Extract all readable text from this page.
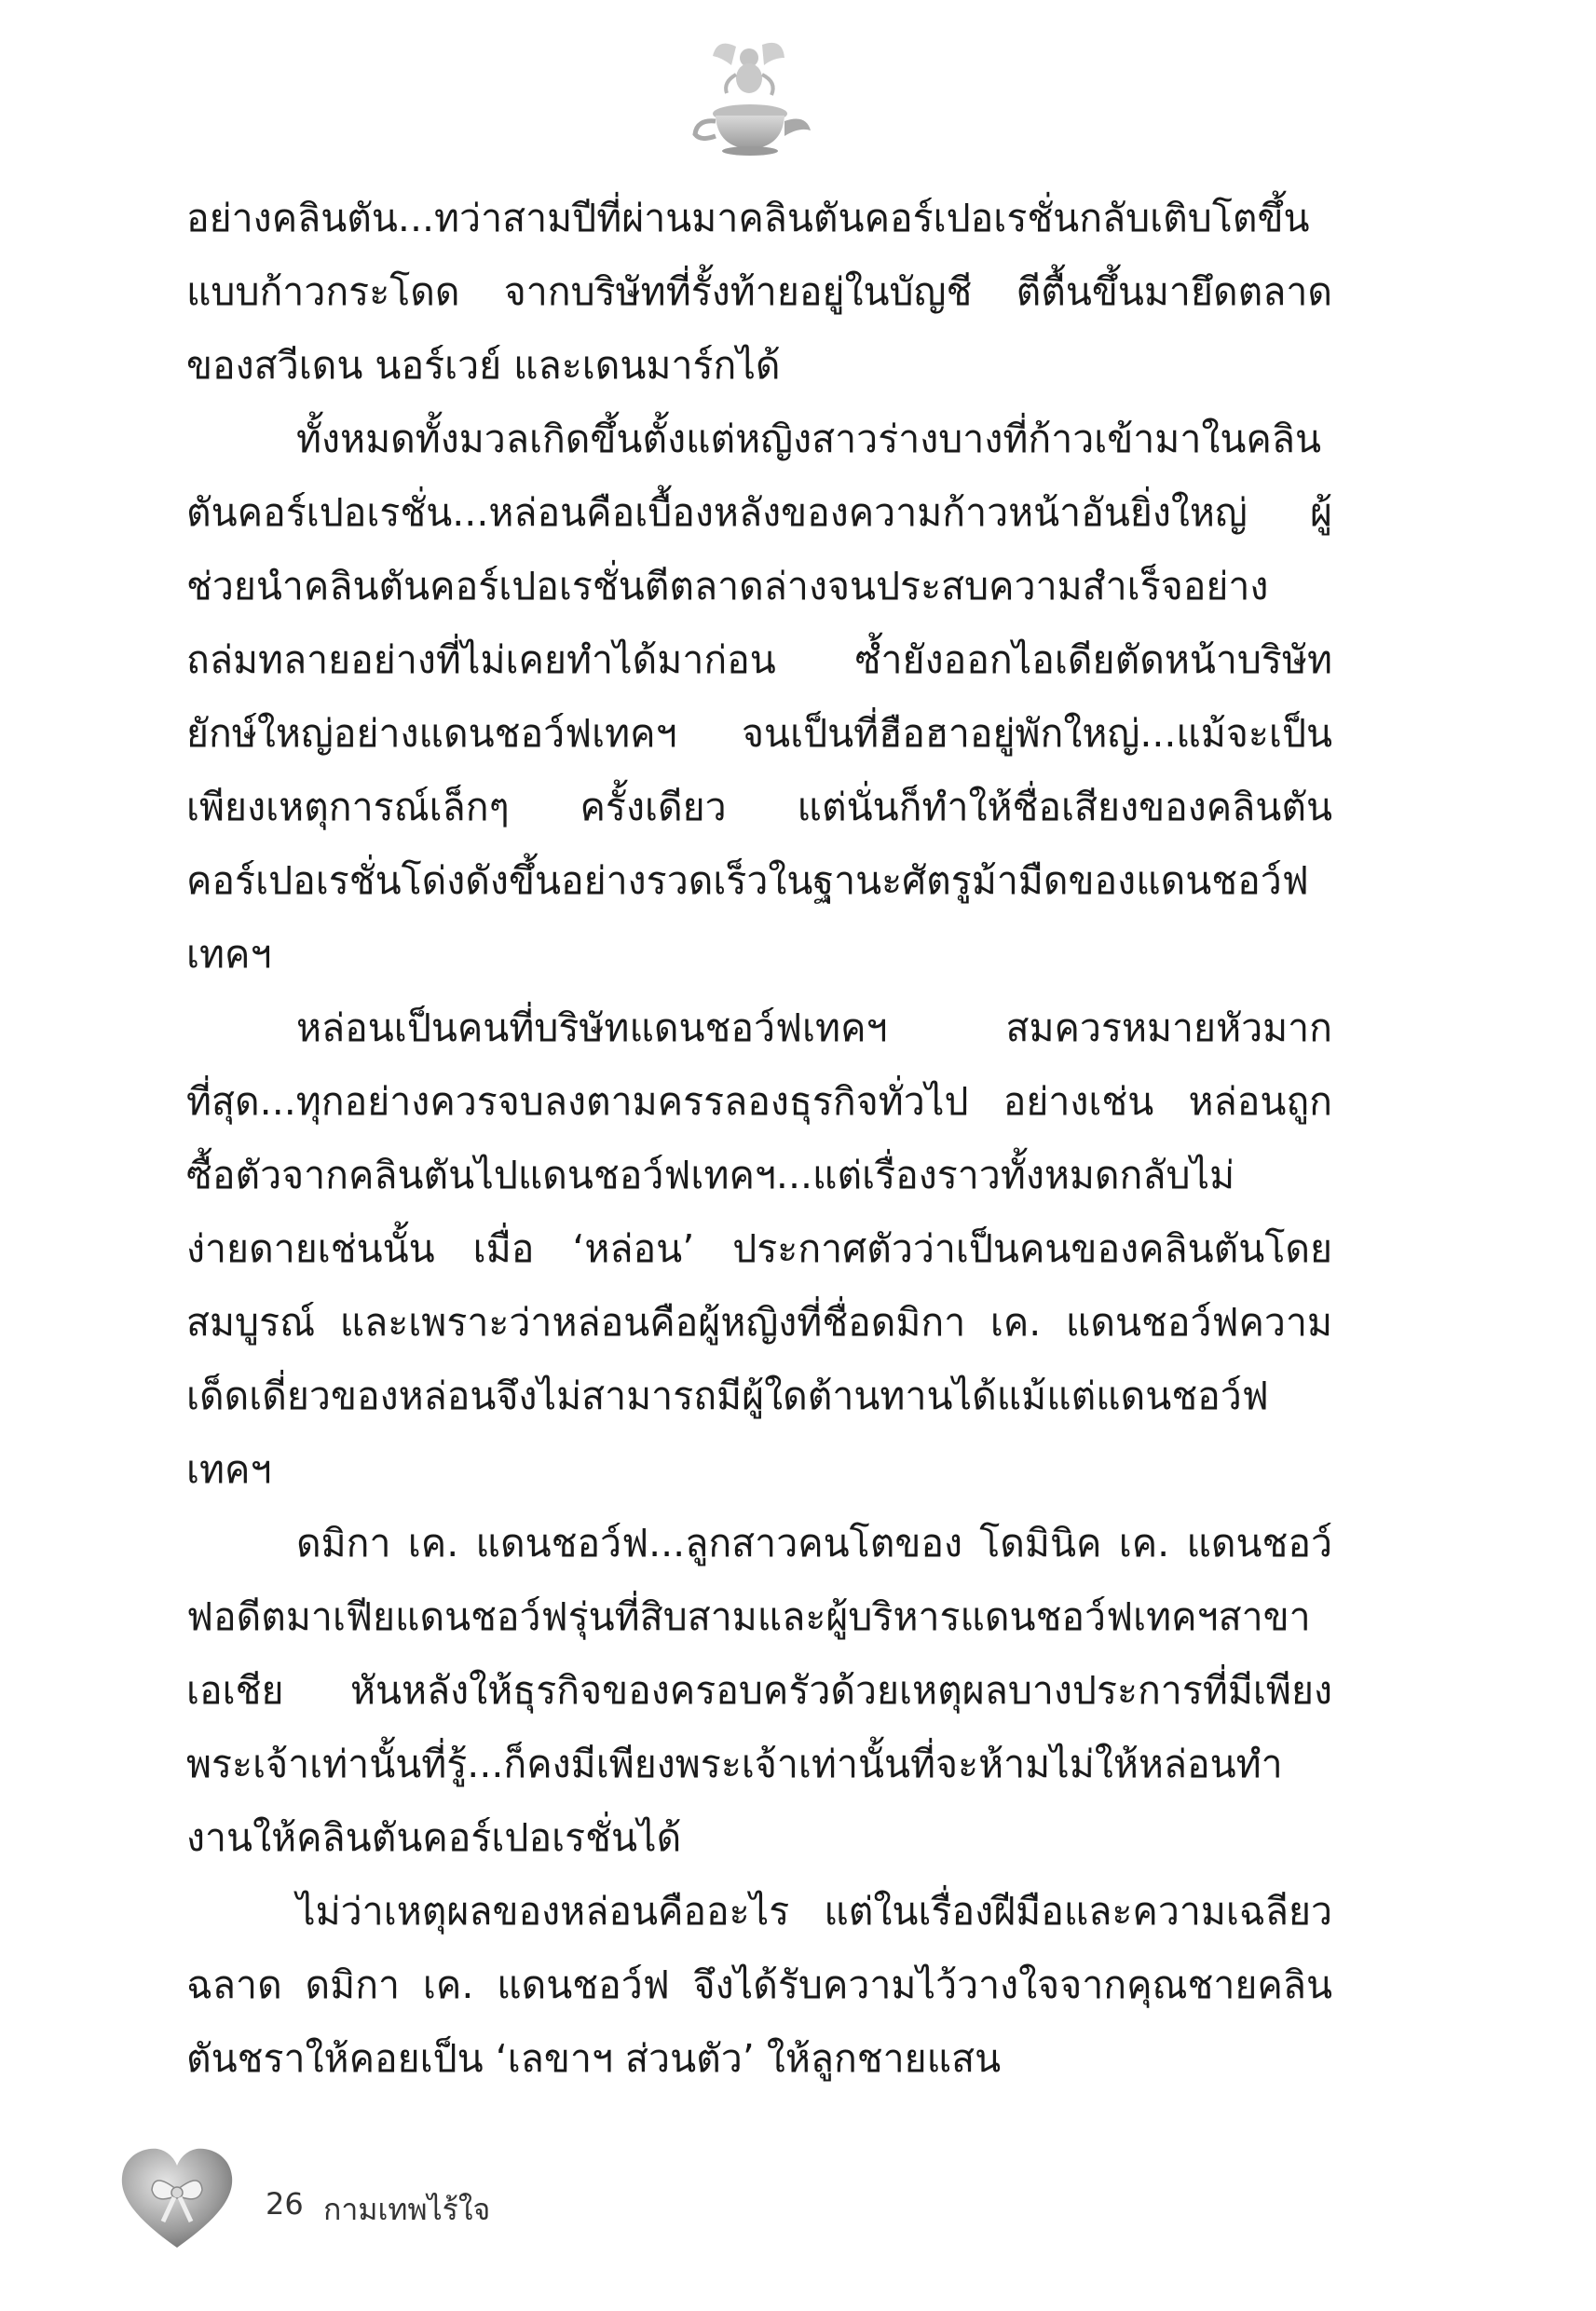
อย่างคลินตัน...ทว่าสามปีที่ผ่านมาคลินตันคอร์เปอเรชั่นกลับเติบโตขึ้นแบบก้าวกระโดด จากบริษัทที่รั้งท้ายอยู่ในบัญชี ตีตื้นขึ้นมายึดตลาดของสวีเดน นอร์เวย์ และเดนมาร์กได้

ทั้งหมดทั้งมวลเกิดขึ้นตั้งแต่หญิงสาวร่างบางที่ก้าวเข้ามาในคลินตันคอร์เปอเรชั่น...หล่อนคือเบื้องหลังของความก้าวหน้าอันยิ่งใหญ่ ผู้ช่วยนำคลินตันคอร์เปอเรชั่นตีตลาดล่างจนประสบความสำเร็จอย่างถล่มทลายอย่างที่ไม่เคยทำได้มาก่อน ซ้ำยังออกไอเดียตัดหน้าบริษัทยักษ์ใหญ่อย่างแดนชอว์ฟเทคฯ จนเป็นที่ฮือฮาอยู่พักใหญ่...แม้จะเป็นเพียงเหตุการณ์เล็กๆ ครั้งเดียว แต่นั่นก็ทำให้ชื่อเสียงของคลินตันคอร์เปอเรชั่นโด่งดังขึ้นอย่างรวดเร็วในฐานะศัตรูม้ามืดของแดนชอว์ฟเทคฯ

หล่อนเป็นคนที่บริษัทแดนชอว์ฟเทคฯ สมควรหมายหัวมากที่สุด...ทุกอย่างควรจบลงตามครรลองธุรกิจทั่วไป อย่างเช่น หล่อนถูกซื้อตัวจากคลินตันไปแดนชอว์ฟเทคฯ...แต่เรื่องราวทั้งหมดกลับไม่ง่ายดายเช่นนั้น เมื่อ ‘หล่อน’ ประกาศตัวว่าเป็นคนของคลินตันโดยสมบูรณ์ และเพราะว่าหล่อนคือผู้หญิงที่ชื่อดมิกา เค. แดนชอว์ฟความเด็ดเดี่ยวของหล่อนจึงไม่สามารถมีผู้ใดต้านทานได้แม้แต่แดนชอว์ฟเทคฯ

ดมิกา เค. แดนชอว์ฟ...ลูกสาวคนโตของ โดมินิค เค. แดนชอว์ฟอดีตมาเฟียแดนชอว์ฟรุ่นที่สิบสามและผู้บริหารแดนชอว์ฟเทคฯสาขาเอเชีย หันหลังให้ธุรกิจของครอบครัวด้วยเหตุผลบางประการที่มีเพียงพระเจ้าเท่านั้นที่รู้...ก็คงมีเพียงพระเจ้าเท่านั้นที่จะห้ามไม่ให้หล่อนทำงานให้คลินตันคอร์เปอเรชั่นได้

ไม่ว่าเหตุผลของหล่อนคืออะไร แต่ในเรื่องฝีมือและความเฉลียวฉลาด ดมิกา เค. แดนชอว์ฟ จึงได้รับความไว้วางใจจากคุณชายคลินตันชราให้คอยเป็น ‘เลขาฯ ส่วนตัว’ ให้ลูกชายแสน

26 กามเทพไร้ใจ
